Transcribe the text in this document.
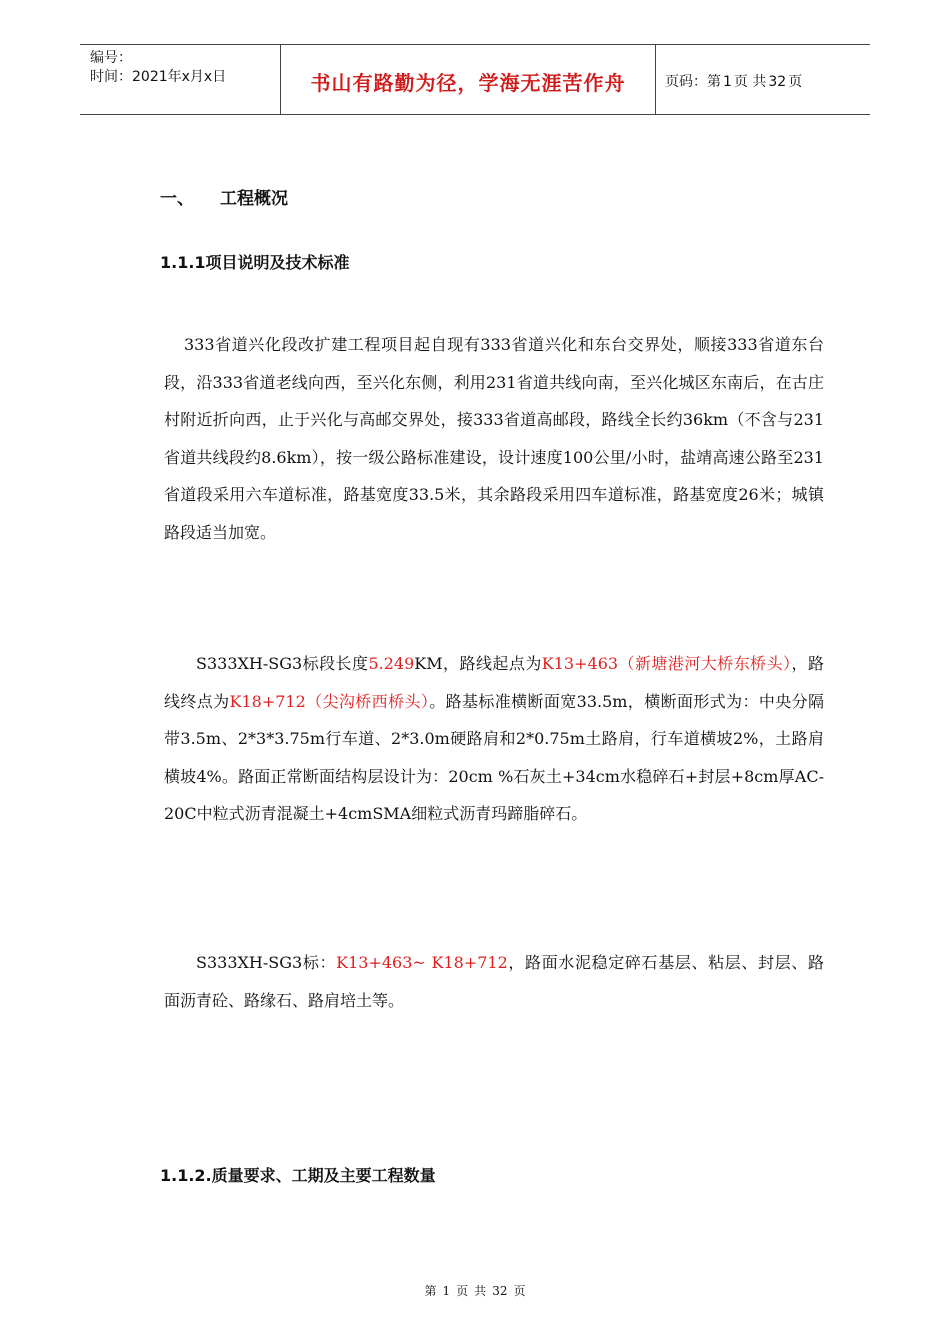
编号：
时间：2021年x月x日	书山有路勤为径，学海无涯苦作舟	页码：第 1 页 共 32 页
一、 工程概况
1.1.1项目说明及技术标准
333省道兴化段改扩建工程项目起自现有333省道兴化和东台交界处，顺接333省道东台段，沿333省道老线向西，至兴化东侧，利用231省道共线向南，至兴化城区东南后，在古庄村附近折向西，止于兴化与高邮交界处，接333省道高邮段，路线全长约36km（不含与231省道共线段约8.6km），按一级公路标准建设，设计速度100公里/小时，盐靖高速公路至231省道段采用六车道标准，路基宽度33.5米，其余路段采用四车道标准，路基宽度26米；城镇路段适当加宽。
S333XH-SG3标段长度5.249KM，路线起点为K13+463（新塘港河大桥东桥头），路线终点为K18+712（尖沟桥西桥头）。路基标准横断面宽33.5m，横断面形式为：中央分隔带3.5m、2*3*3.75m行车道、2*3.0m硬路肩和2*0.75m土路肩，行车道横坡2%，土路肩横坡4%。路面正常断面结构层设计为：20cm %石灰土+34cm水稳碎石+封层+8cm厚AC-20C中粒式沥青混凝土+4cmSMA细粒式沥青玛蹄脂碎石。
S333XH-SG3标：K13+463~ K18+712，路面水泥稳定碎石基层、粘层、封层、路面沥青砼、路缘石、路肩培土等。
1.1.2.质量要求、工期及主要工程数量
第 1 页 共 32 页
